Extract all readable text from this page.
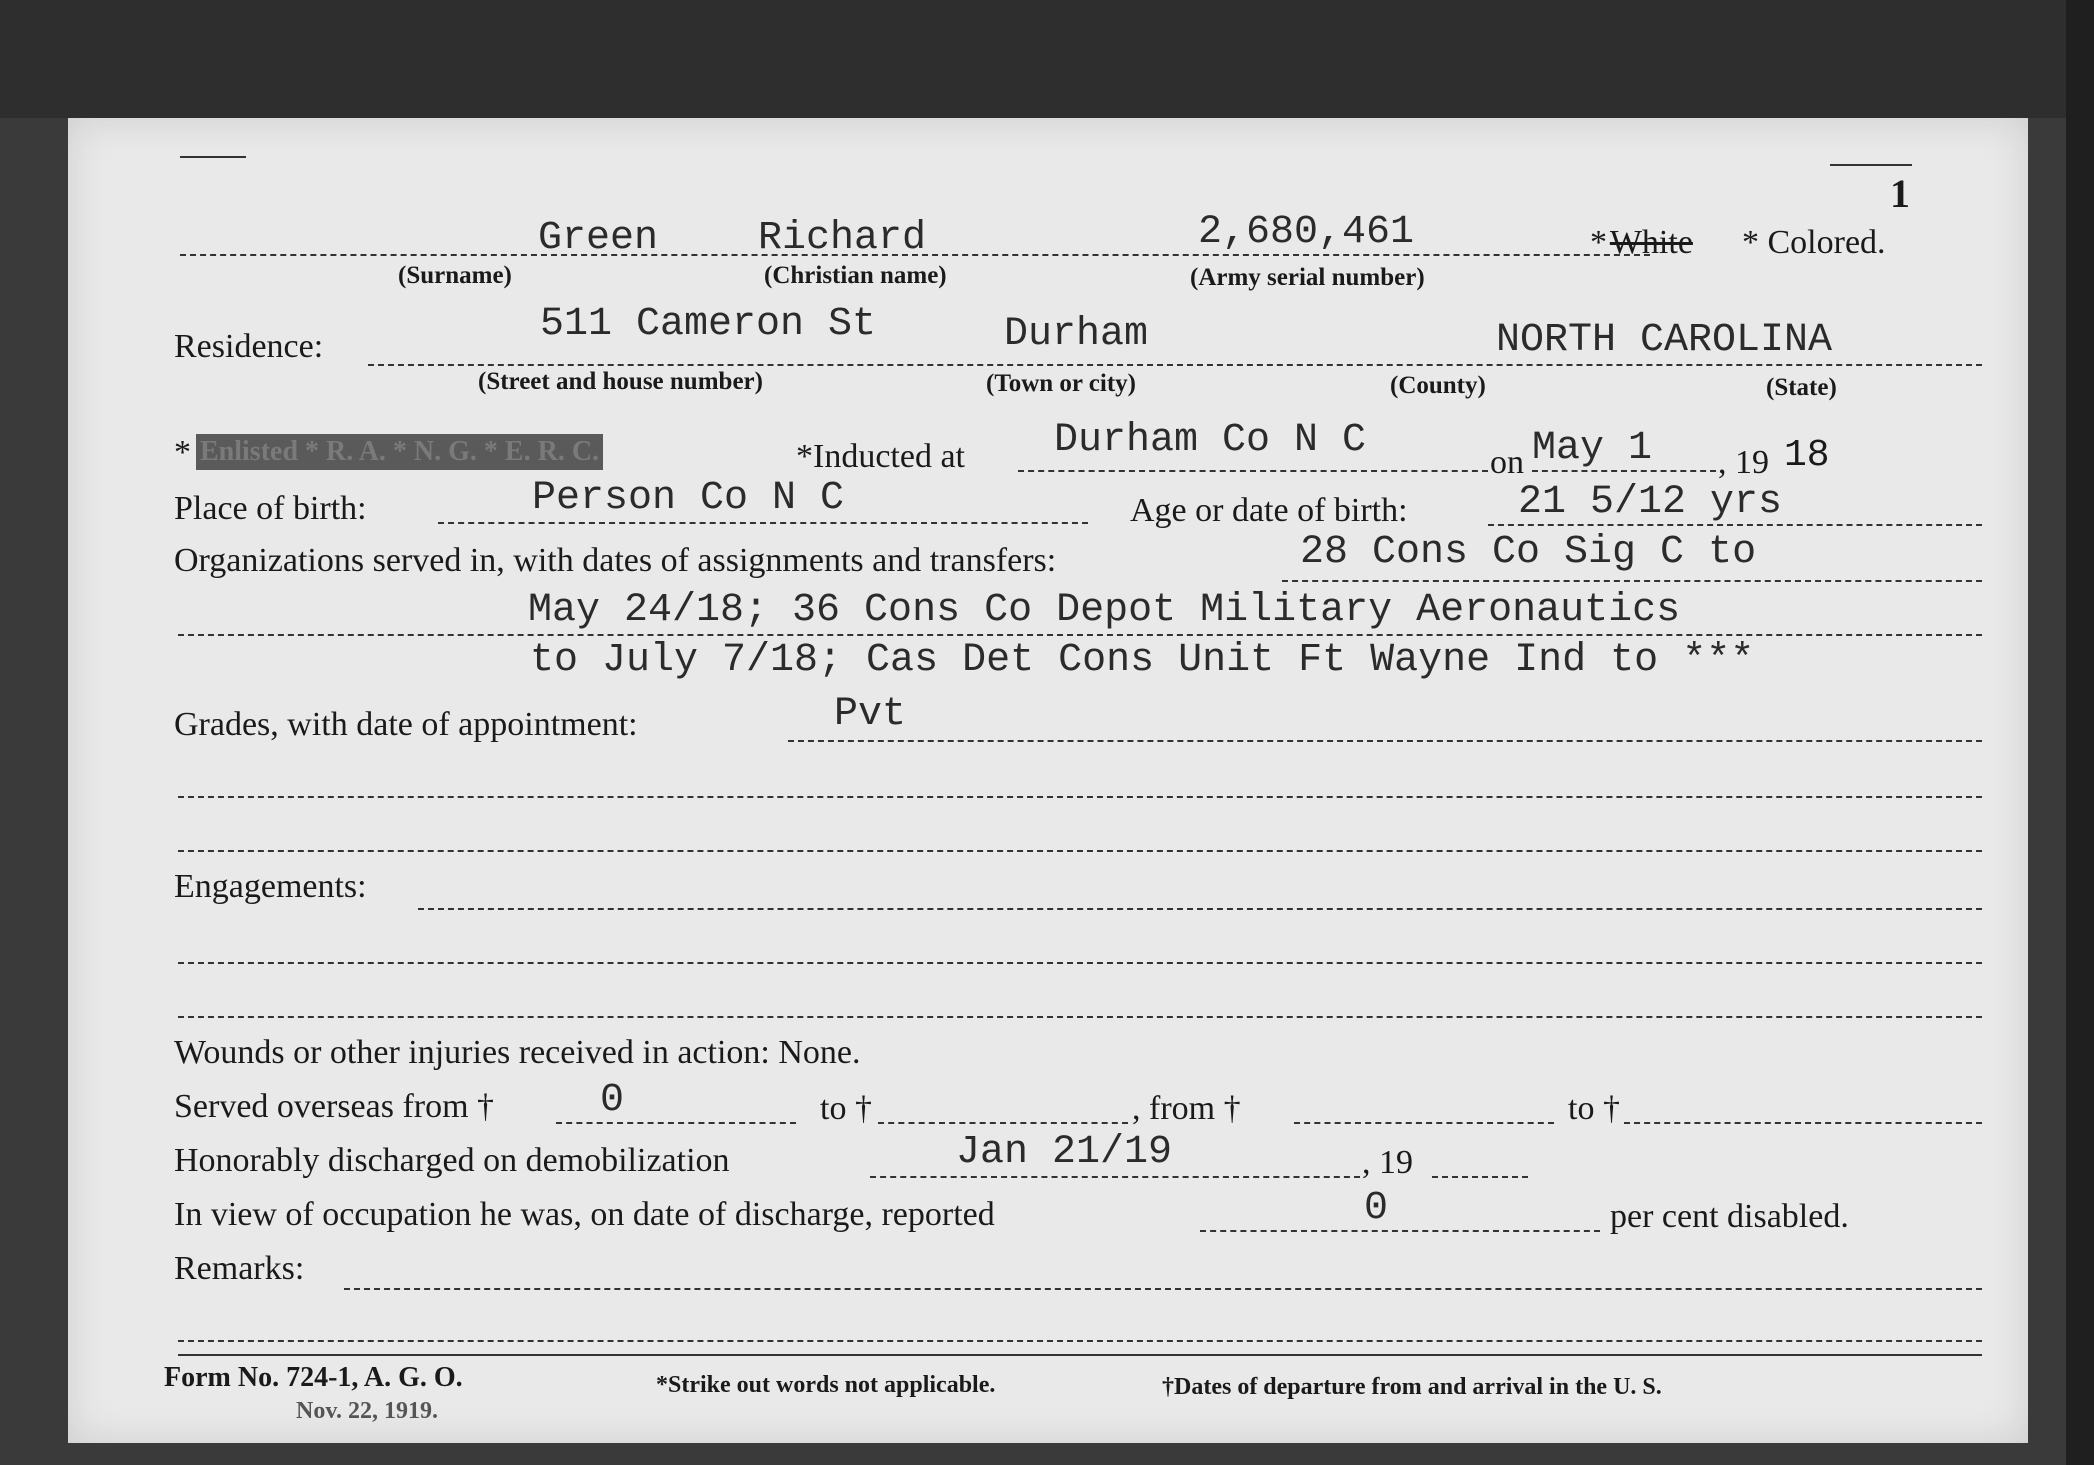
1
Green Richard	2,680,461	* White * Colored.
(Surname)	(Christian name)	(Army serial number)
Residence:	511 Cameron St	Durham	NORTH CAROLINA
(Street and house number)	(Town or city)	(County)	(State)
* Enlisted * R. A. * N. G. * E. R. C.	*Inducted at Durham Co N C	on May 1 , 19 18
Place of birth:	Person Co N C	Age or date of birth:	21 5/12 yrs
Organizations served in, with dates of assignments and transfers:	28 Cons Co Sig C to
May 24/18; 36 Cons Co Depot Military Aeronautics
to July 7/18; Cas Det Cons Unit Ft Wayne Ind to ***
Grades, with date of appointment:	Pvt
Engagements:
Wounds or other injuries received in action: None.
Served overseas from †	0	to †	, from †	to †
Honorably discharged on demobilization	Jan 21/19	, 19
In view of occupation he was, on date of discharge, reported	0	per cent disabled.
Remarks:
Form No. 724-1, A. G. O.
Nov. 22, 1919.
*Strike out words not applicable.	†Dates of departure from and arrival in the U. S.
